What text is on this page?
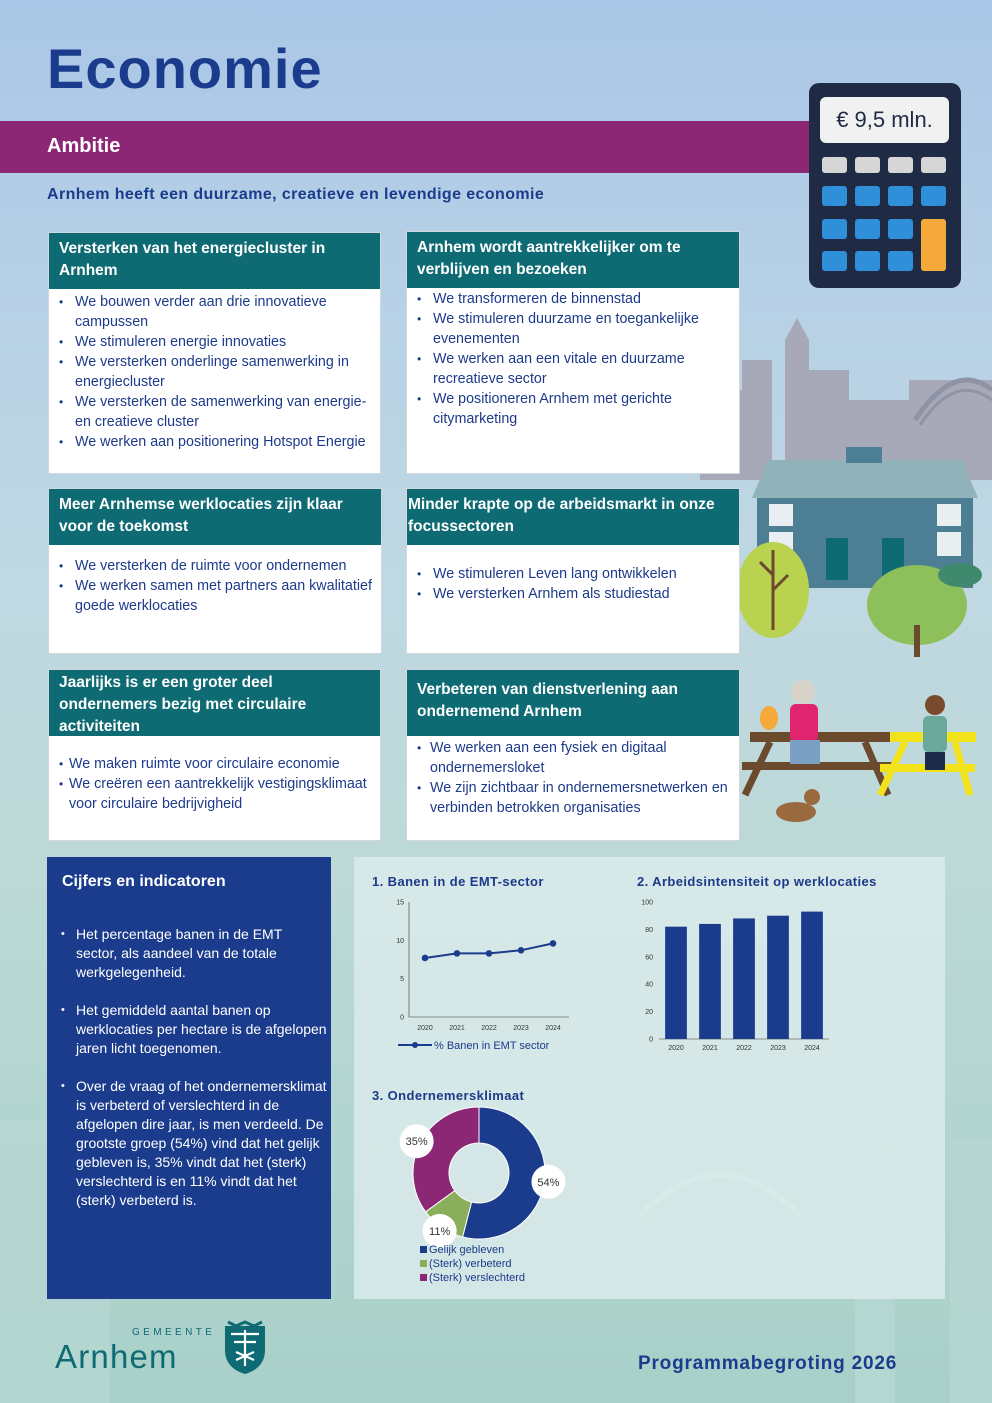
Economie
Ambitie
Arnhem heeft een duurzame, creatieve en levendige economie
€ 9,5 mln.
Versterken van het energiecluster in Arnhem
• We bouwen verder aan drie innovatieve campussen
• We stimuleren energie innovaties
• We versterken onderlinge samenwerking in energiecluster
• We versterken de samenwerking van energie- en creatieve cluster
• We werken aan positionering Hotspot Energie
Arnhem wordt aantrekkelijker om te verblijven en bezoeken
• We transformeren de binnenstad
• We stimuleren duurzame en toegankelijke evenementen
• We werken aan een vitale en duurzame recreatieve sector
• We positioneren Arnhem met gerichte citymarketing
Meer Arnhemse werklocaties zijn klaar voor de toekomst
• We versterken de ruimte voor ondernemen
• We werken samen met partners aan kwalitatief goede werklocaties
Minder krapte op de arbeidsmarkt in onze focussectoren
• We stimuleren Leven lang ontwikkelen
• We versterken Arnhem als studiestad
Jaarlijks is er een groter deel ondernemers bezig met circulaire activiteiten
• We maken ruimte voor circulaire economie
• We creëren een aantrekkelijk vestigingsklimaat voor circulaire bedrijvigheid
Verbeteren van dienstverlening aan ondernemend Arnhem
• We werken aan een fysiek en digitaal ondernemersloket
• We zijn zichtbaar in ondernemersnetwerken en verbinden betrokken organisaties
Cijfers en indicatoren
• Het percentage banen in de EMT sector, als aandeel van de totale werkgelegenheid.
• Het gemiddeld aantal banen op werklocaties per hectare is de afgelopen jaren licht toegenomen.
• Over de vraag of het ondernemersklimat is verbeterd of verslechterd in de afgelopen dire jaar, is men verdeeld. De grootste groep (54%) vind dat het gelijk gebleven is, 35% vindt dat het (sterk) verslechterd is en 11% vindt dat het (sterk) verbeterd is.
1. Banen in de EMT-sector	2. Arbeidsintensiteit op werklocaties
3. Ondernemersklimaat
0
5
10
15
2020 2021 2022 2023 2024
% Banen in EMT sector	0
20
40
60
80
100
2020	2021	2022	2023	2024
54%
11%
35%
Gelijk gebleven
(Sterk) verbeterd
(Sterk) verslechterd
GEMEENTE
Arnhem	Programmabegroting 2026
